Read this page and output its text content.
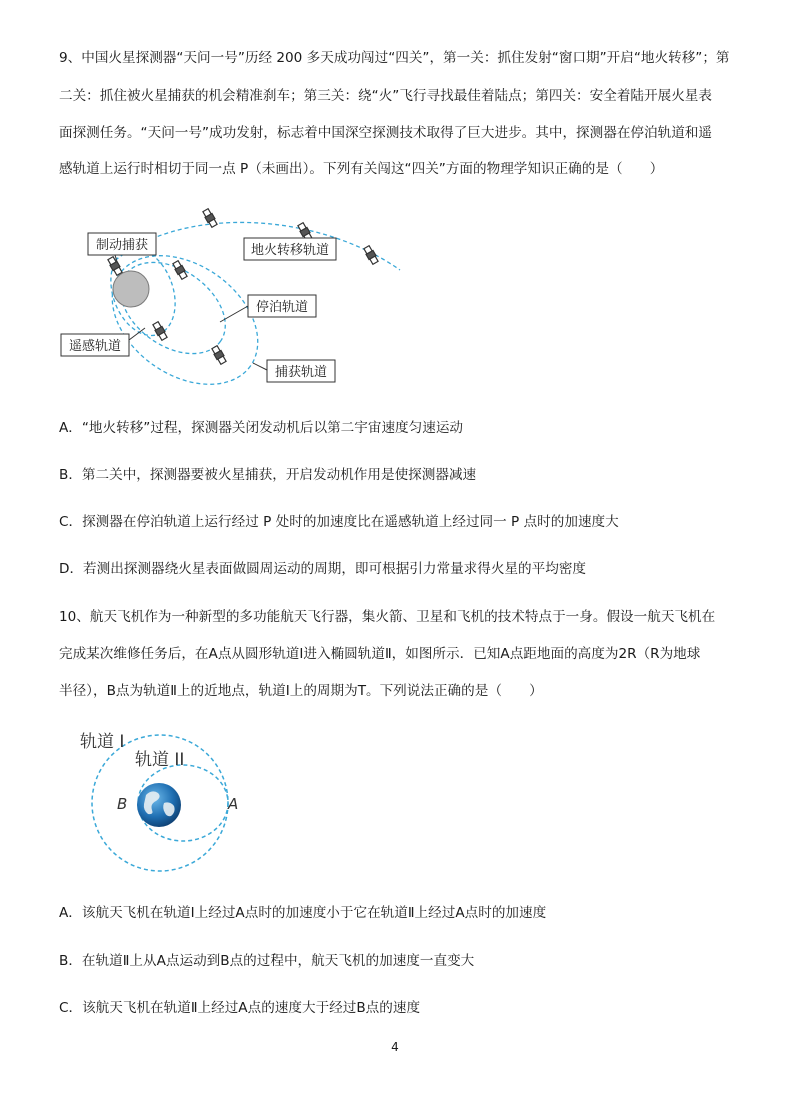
9、中国火星探测器“天问一号”历经 200 多天成功闯过“四关”，第一关：抓住发射“窗口期”开启“地火转移”；第
二关：抓住被火星捕获的机会精准刹车；第三关：绕“火”飞行寻找最佳着陆点；第四关：安全着陆开展火星表
面探测任务。“天问一号”成功发射，标志着中国深空探测技术取得了巨大进步。其中，探测器在停泊轨道和遥
感轨道上运行时相切于同一点 P（未画出）。下列有关闯这“四关”方面的物理学知识正确的是（　　）
制动捕获	地火转移轨道
停泊轨道
遥感轨道
捕获轨道
A．“地火转移”过程，探测器关闭发动机后以第二宇宙速度匀速运动
B．第二关中，探测器要被火星捕获，开启发动机作用是使探测器减速
C．探测器在停泊轨道上运行经过 P 处时的加速度比在遥感轨道上经过同一 P 点时的加速度大
D．若测出探测器绕火星表面做圆周运动的周期，即可根据引力常量求得火星的平均密度
10、航天飞机作为一种新型的多功能航天飞行器，集火箭、卫星和飞机的技术特点于一身。假设一航天飞机在
完成某次维修任务后，在A点从圆形轨道Ⅰ进入椭圆轨道Ⅱ，如图所示．已知A点距地面的高度为2R（R为地球
半径），B点为轨道Ⅱ上的近地点，轨道Ⅰ上的周期为T。下列说法正确的是（　　）
轨道 I
轨道 II
B	A
A．该航天飞机在轨道Ⅰ上经过A点时的加速度小于它在轨道Ⅱ上经过A点时的加速度
B．在轨道Ⅱ上从A点运动到B点的过程中，航天飞机的加速度一直变大
C．该航天飞机在轨道Ⅱ上经过A点的速度大于经过B点的速度
4
